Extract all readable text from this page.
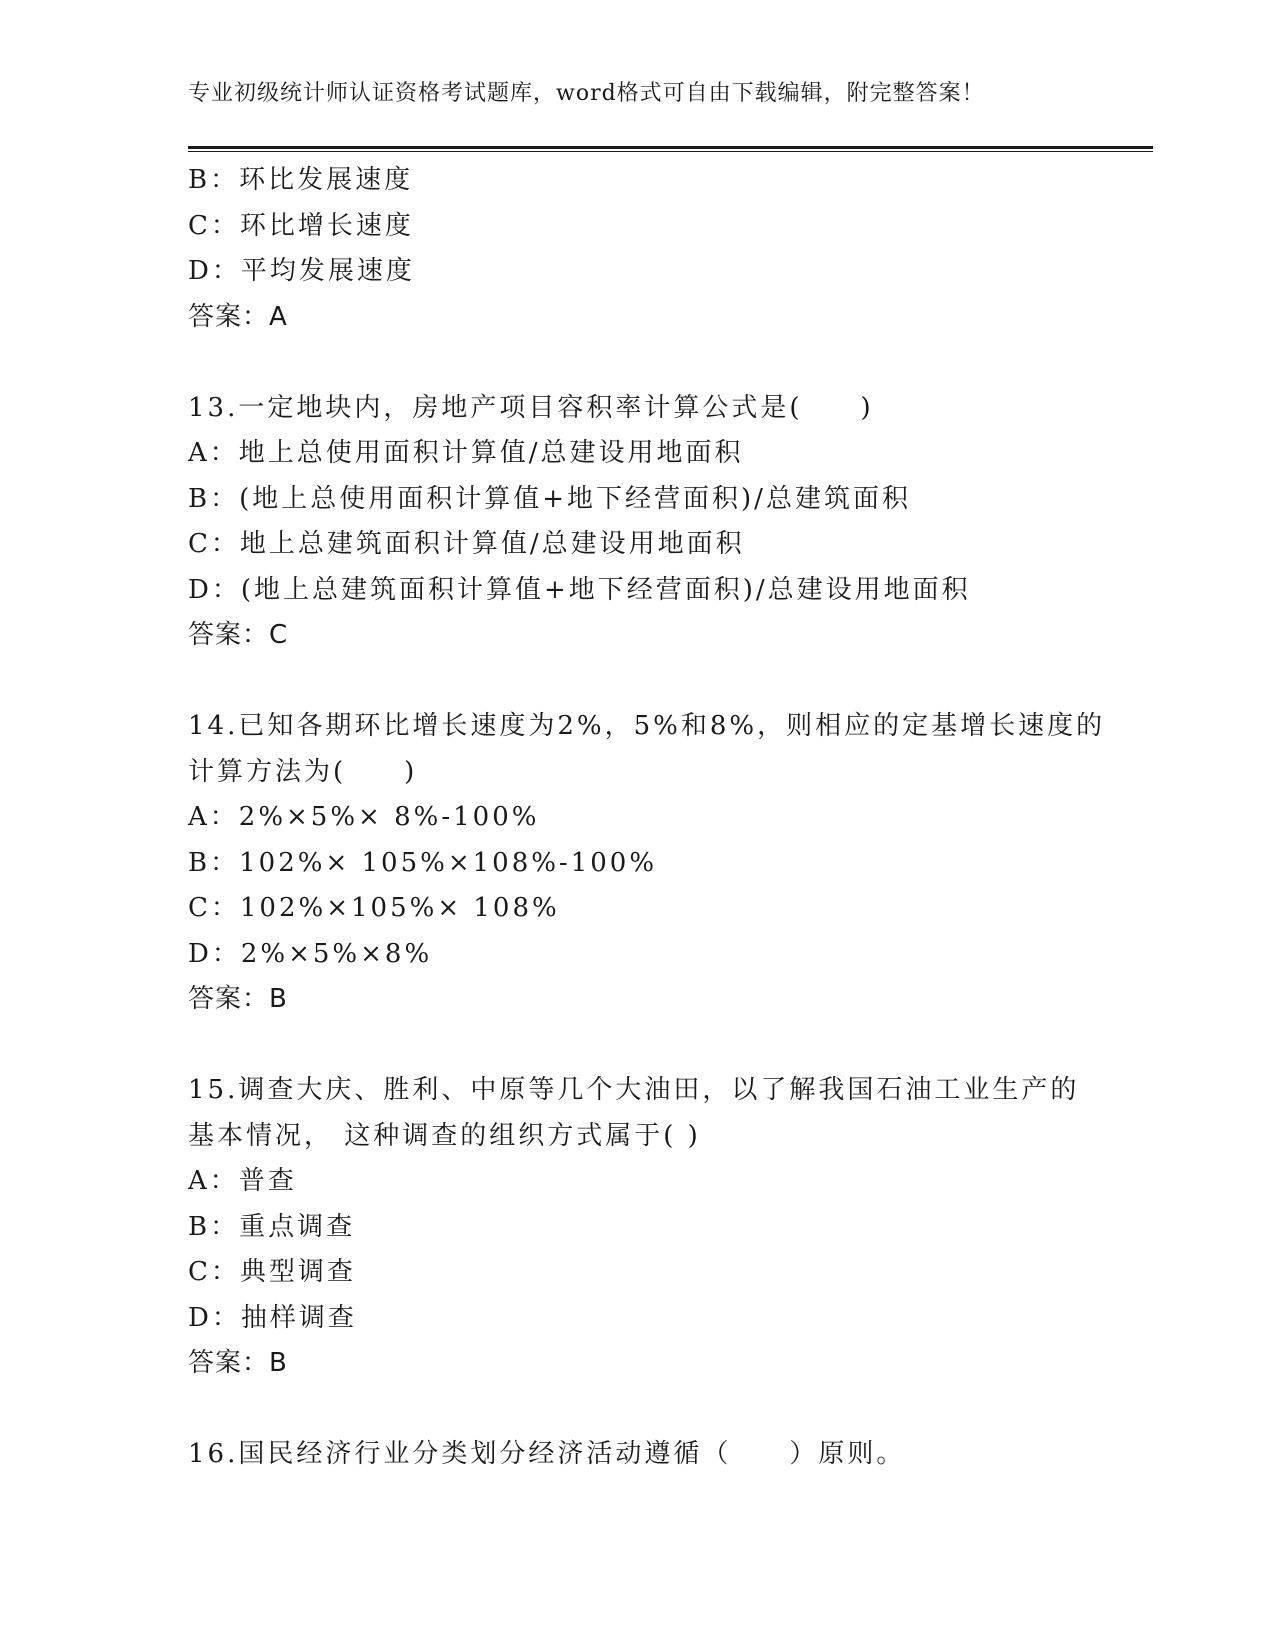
专业初级统计师认证资格考试题库，word格式可自由下载编辑，附完整答案！
B：环比发展速度
C：环比增长速度
D：平均发展速度
答案：A
13.一定地块内，房地产项目容积率计算公式是(　　)
A：地上总使用面积计算值/总建设用地面积
B：(地上总使用面积计算值+地下经营面积)/总建筑面积
C：地上总建筑面积计算值/总建设用地面积
D：(地上总建筑面积计算值+地下经营面积)/总建设用地面积
答案：C
14.已知各期环比增长速度为2%，5%和8%，则相应的定基增长速度的
计算方法为(　　)
A：2%×5%× 8%-100%
B：102%× 105%×108%-100%
C：102%×105%× 108%
D：2%×5%×8%
答案：B
15.调查大庆、胜利、中原等几个大油田，以了解我国石油工业生产的
基本情况， 这种调查的组织方式属于( )
A：普查
B：重点调查
C：典型调查
D：抽样调查
答案：B
16.国民经济行业分类划分经济活动遵循（　　）原则。
